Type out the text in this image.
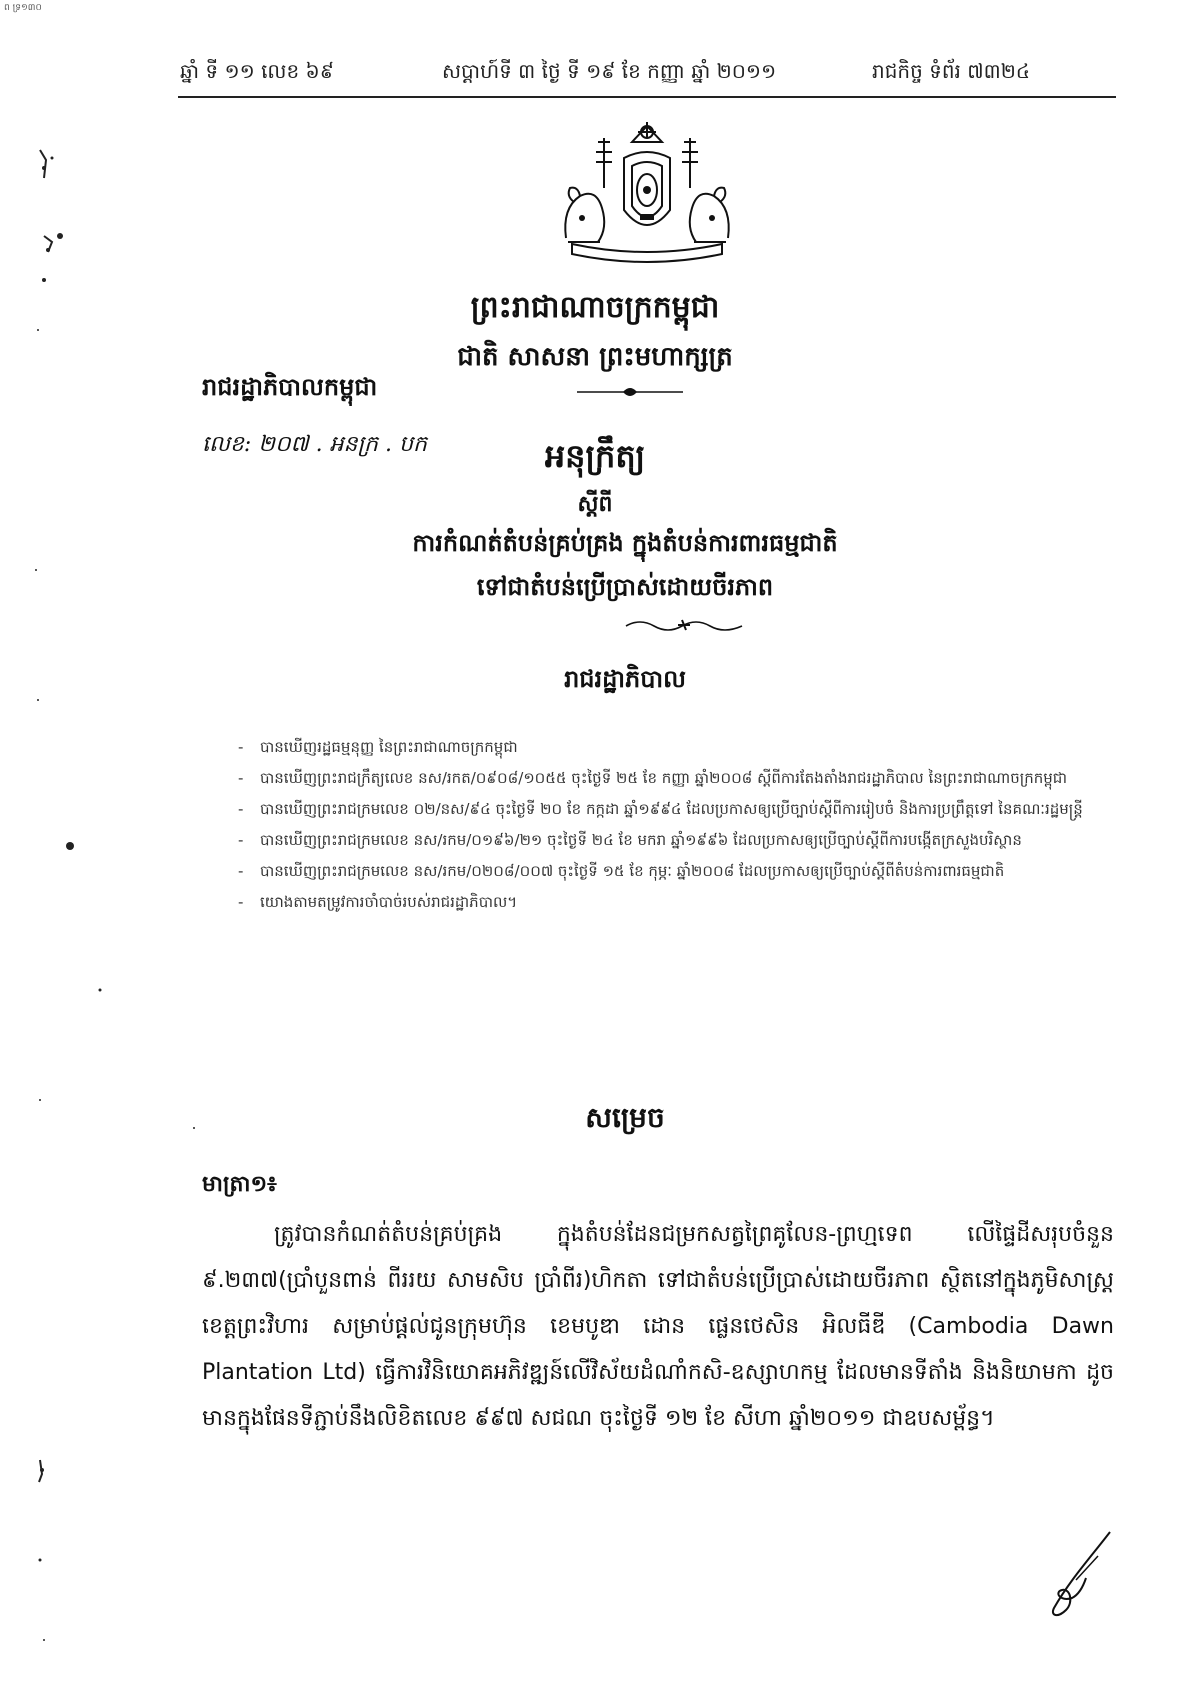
ព ទ្រ១៣០
ឆ្នាំ ទី ១១ លេខ ៦៩	សប្តាហ៍ទី ៣ ថ្ងៃ ទី ១៩ ខែ កញ្ញា ឆ្នាំ ២០១១	រាជកិច្ច ទំព័រ ៧៣២៤
ព្រះរាជាណាចក្រកម្ពុជា
ជាតិ សាសនា ព្រះមហាក្សត្រ
រាជរដ្ឋាភិបាលកម្ពុជា
លេខ: ២០៧ . អនក្រ . បក	អនុក្រឹត្យ
ស្តីពី
ការកំណត់តំបន់គ្រប់គ្រង ក្នុងតំបន់ការពារធម្មជាតិ
ទៅជាតំបន់ប្រើប្រាស់ដោយចីរភាព
រាជរដ្ឋាភិបាល
- បានឃើញរដ្ឋធម្មនុញ្ញ នៃព្រះរាជាណាចក្រកម្ពុជា
- បានឃើញព្រះរាជក្រឹត្យលេខ នស/រកត/០៩០៨/១០៥៥ ចុះថ្ងៃទី ២៥ ខែ កញ្ញា ឆ្នាំ២០០៨ ស្តីពីការតែងតាំងរាជរដ្ឋាភិបាល នៃព្រះរាជាណាចក្រកម្ពុជា
- បានឃើញព្រះរាជក្រមលេខ ០២/នស/៩៤ ចុះថ្ងៃទី ២០ ខែ កក្កដា ឆ្នាំ១៩៩៤ ដែលប្រកាសឲ្យប្រើច្បាប់ស្តីពីការរៀបចំ និងការប្រព្រឹត្តទៅ នៃគណៈរដ្ឋមន្ត្រី
- បានឃើញព្រះរាជក្រមលេខ នស/រកម/០១៩៦/២១ ចុះថ្ងៃទី ២៤ ខែ មករា ឆ្នាំ១៩៩៦ ដែលប្រកាសឲ្យប្រើច្បាប់ស្តីពីការបង្កើតក្រសួងបរិស្ថាន
- បានឃើញព្រះរាជក្រមលេខ នស/រកម/០២០៨/០០៧ ចុះថ្ងៃទី ១៥ ខែ កុម្ភៈ ឆ្នាំ២០០៨ ដែលប្រកាសឲ្យប្រើច្បាប់ស្តីពីតំបន់ការពារធម្មជាតិ
- យោងតាមតម្រូវការចាំបាច់របស់រាជរដ្ឋាភិបាល។
សម្រេច
មាត្រា១៖
ត្រូវបានកំណត់តំបន់គ្រប់គ្រង ក្នុងតំបន់ដែនជម្រកសត្វព្រៃគូលែន-ព្រហ្មទេព លើផ្ទៃដីសរុបចំនួន ៩.២៣៧(ប្រាំបួនពាន់ ពីររយ សាមសិប ប្រាំពីរ)ហិកតា ទៅជាតំបន់ប្រើប្រាស់ដោយចីរភាព ស្ថិតនៅក្នុងភូមិសាស្ត្រខេត្តព្រះវិហារ សម្រាប់ផ្តល់ជូនក្រុមហ៊ុន ខេមបូឌា ដោន ផ្លេនថេសិន អិលធីឌី (Cambodia Dawn Plantation Ltd) ធ្វើការវិនិយោគអភិវឌ្ឍន៍លើវិស័យដំណាំកសិ-ឧស្សាហកម្ម ដែលមានទីតាំង និងនិយាមកា ដូចមានក្នុងផែនទីភ្ជាប់នឹងលិខិតលេខ ៩៩៧ សជណ ចុះថ្ងៃទី ១២ ខែ សីហា ឆ្នាំ២០១១ ជាឧបសម្ព័ន្ធ។
